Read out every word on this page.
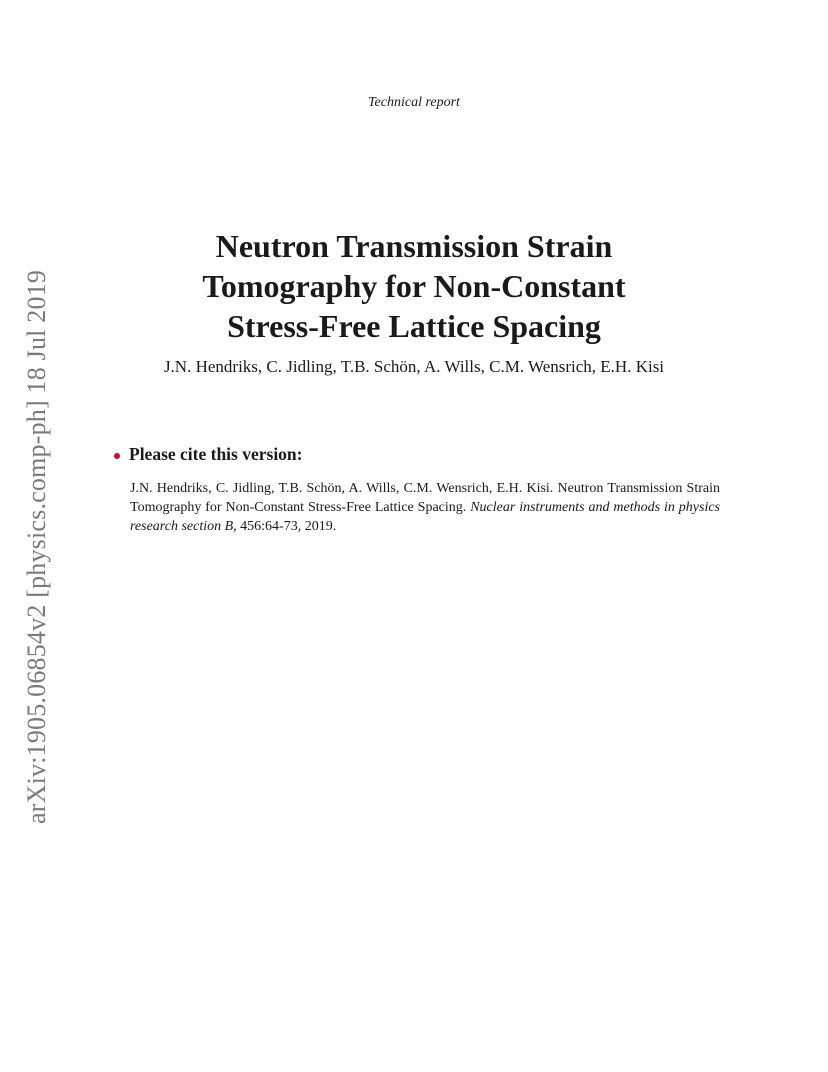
Technical report
Neutron Transmission Strain
Tomography for Non-Constant
Stress-Free Lattice Spacing
J.N. Hendriks, C. Jidling, T.B. Schön, A. Wills, C.M. Wensrich, E.H. Kisi
Please cite this version:
J.N. Hendriks, C. Jidling, T.B. Schön, A. Wills, C.M. Wensrich, E.H. Kisi. Neutron Transmission Strain Tomography for Non-Constant Stress-Free Lattice Spacing. Nuclear instruments and methods in physics research section B, 456:64-73, 2019.
arXiv:1905.06854v2 [physics.comp-ph] 18 Jul 2019
